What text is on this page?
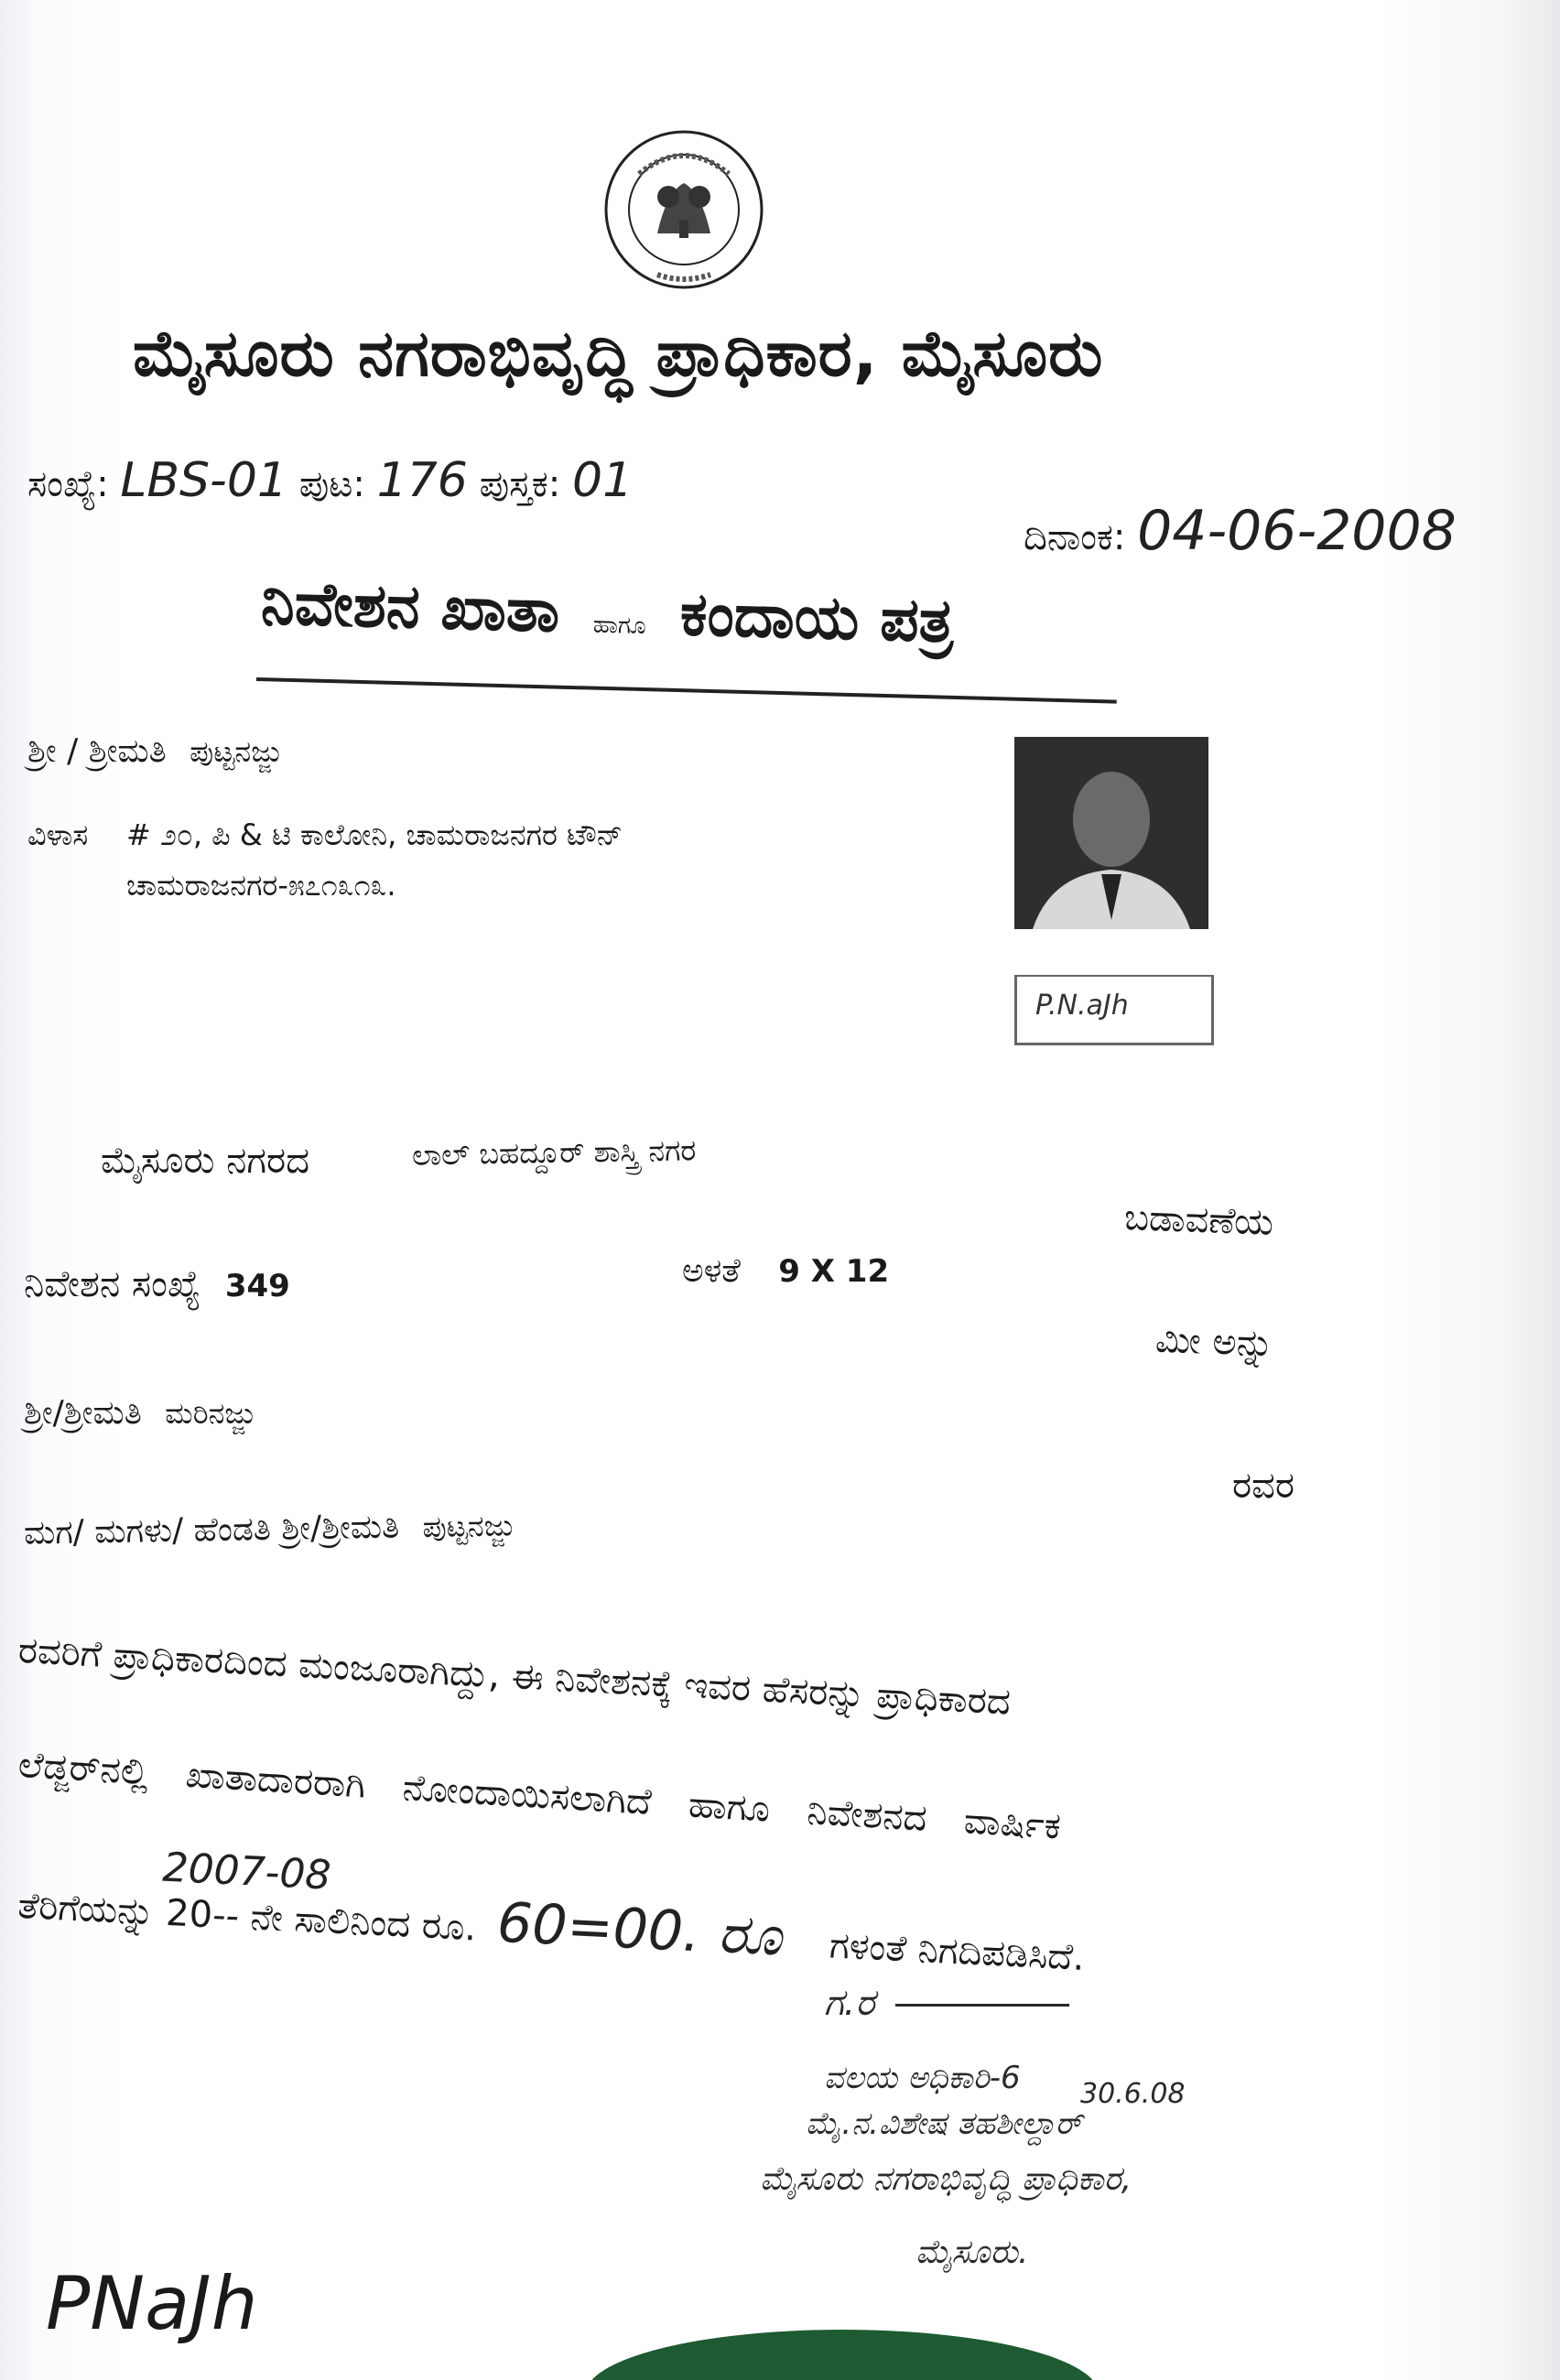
ಮೈಸೂರು ನಗರಾಭಿವೃದ್ಧಿ ಪ್ರಾಧಿಕಾರ, ಮೈಸೂರು
ಸಂಖ್ಯೆ: LBS-01 ಪುಟ: 176 ಪುಸ್ತಕ: 01
ದಿನಾಂಕ: 04-06-2008
ನಿವೇಶನ ಖಾತಾ ಹಾಗೂ ಕಂದಾಯ ಪತ್ರ
ಶ್ರೀ / ಶ್ರೀಮತಿ ಪುಟ್ಟನಜ್ಜು
ವಿಳಾಸ # ೨೦, ಪಿ & ಟಿ ಕಾಲೋನಿ, ಚಾಮರಾಜನಗರ ಟೌನ್
ಚಾಮರಾಜನಗರ-೫೭೧೩೧೩.
P.N.aJh
ಮೈಸೂರು ನಗರದ	ಲಾಲ್ ಬಹದ್ದೂರ್ ಶಾಸ್ತ್ರಿ ನಗರ
ಬಡಾವಣೆಯ
ನಿವೇಶನ ಸಂಖ್ಯೆ 349	ಅಳತೆ 9 X 12
ಮೀ ಅನ್ನು
ಶ್ರೀ/ಶ್ರೀಮತಿ ಮರಿನಜ್ಜು
ರವರ
ಮಗ/ ಮಗಳು/ ಹೆಂಡತಿ ಶ್ರೀ/ಶ್ರೀಮತಿ ಪುಟ್ಟನಜ್ಜು
ರವರಿಗೆ ಪ್ರಾಧಿಕಾರದಿಂದ ಮಂಜೂರಾಗಿದ್ದು, ಈ ನಿವೇಶನಕ್ಕೆ ಇವರ ಹೆಸರನ್ನು ಪ್ರಾಧಿಕಾರದ
ಲೆಡ್ಜರ್‌ನಲ್ಲಿ ಖಾತಾದಾರರಾಗಿ ನೋಂದಾಯಿಸಲಾಗಿದೆ ಹಾಗೂ ನಿವೇಶನದ ವಾರ್ಷಿಕ
ತೆರಿಗೆಯನ್ನು
2007-08
20-- ನೇ ಸಾಲಿನಿಂದ ರೂ. 60=00. ರೂ ಗಳಂತೆ ನಿಗದಿಪಡಿಸಿದೆ.
ಗ.ರ
30.6.08
ವಲಯ ಅಧಿಕಾರಿ-6
ಮೈ.ನ.ವಿಶೇಷ ತಹಶೀಲ್ದಾರ್
ಮೈಸೂರು ನಗರಾಭಿವೃದ್ಧಿ ಪ್ರಾಧಿಕಾರ,
ಮೈಸೂರು.
PNaJh
